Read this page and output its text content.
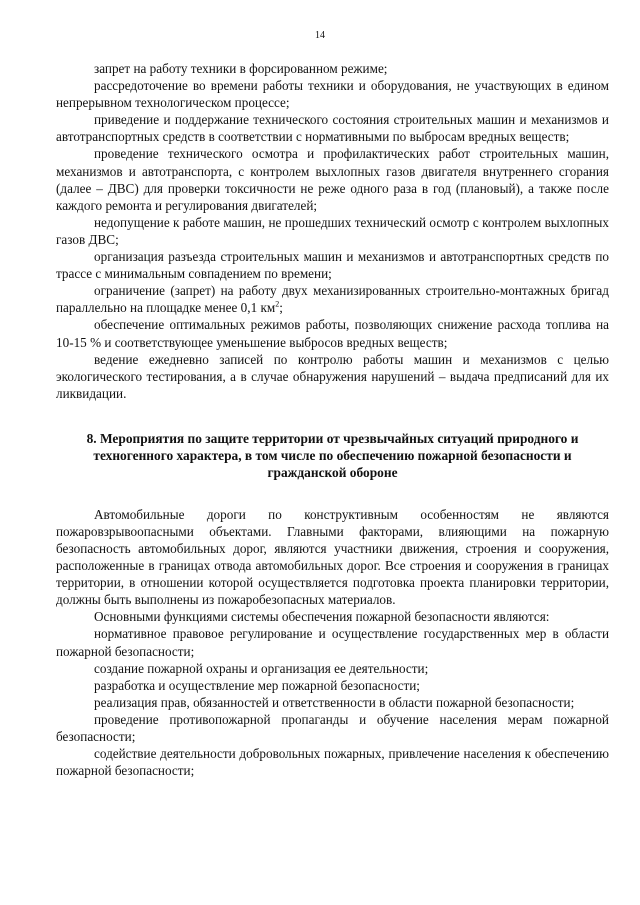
14

запрет на работу техники в форсированном режиме;

рассредоточение во времени работы техники и оборудования, не участвующих в едином непрерывном технологическом процессе;

приведение и поддержание технического состояния строительных машин и механизмов и автотранспортных средств в соответствии с нормативными по выбросам вредных веществ;

проведение технического осмотра и профилактических работ строительных машин, механизмов и автотранспорта, с контролем выхлопных газов двигателя внутреннего сгорания (далее – ДВС) для проверки токсичности не реже одного раза в год (плановый), а также после каждого ремонта и регулирования двигателей;

недопущение к работе машин, не прошедших технический осмотр с контролем выхлопных газов ДВС;

организация разъезда строительных машин и механизмов и автотранспортных средств по трассе с минимальным совпадением по времени;

ограничение (запрет) на работу двух механизированных строительно-монтажных бригад параллельно на площадке менее 0,1 $км^2$;

обеспечение оптимальных режимов работы, позволяющих снижение расхода топлива на 10-15 % и соответствующее уменьшение выбросов вредных веществ;

ведение ежедневно записей по контролю работы машин и механизмов с целью экологического тестирования, а в случае обнаружения нарушений – выдача предписаний для их ликвидации.

8. Мероприятия по защите территории от чрезвычайных ситуаций природного и техногенного характера, в том числе по обеспечению пожарной безопасности и гражданской обороне

Автомобильные дороги по конструктивным особенностям не являются пожаровзрывоопасными объектами. Главными факторами, влияющими на пожарную безопасность автомобильных дорог, являются участники движения, строения и сооружения, расположенные в границах отвода автомобильных дорог. Все строения и сооружения в границах территории, в отношении которой осуществляется подготовка проекта планировки территории, должны быть выполнены из пожаробезопасных материалов.

Основными функциями системы обеспечения пожарной безопасности являются:

нормативное правовое регулирование и осуществление государственных мер в области пожарной безопасности;

создание пожарной охраны и организация ее деятельности;

разработка и осуществление мер пожарной безопасности;

реализация прав, обязанностей и ответственности в области пожарной безопасности;

проведение противопожарной пропаганды и обучение населения мерам пожарной безопасности;

содействие деятельности добровольных пожарных, привлечение населения к обеспечению пожарной безопасности;
